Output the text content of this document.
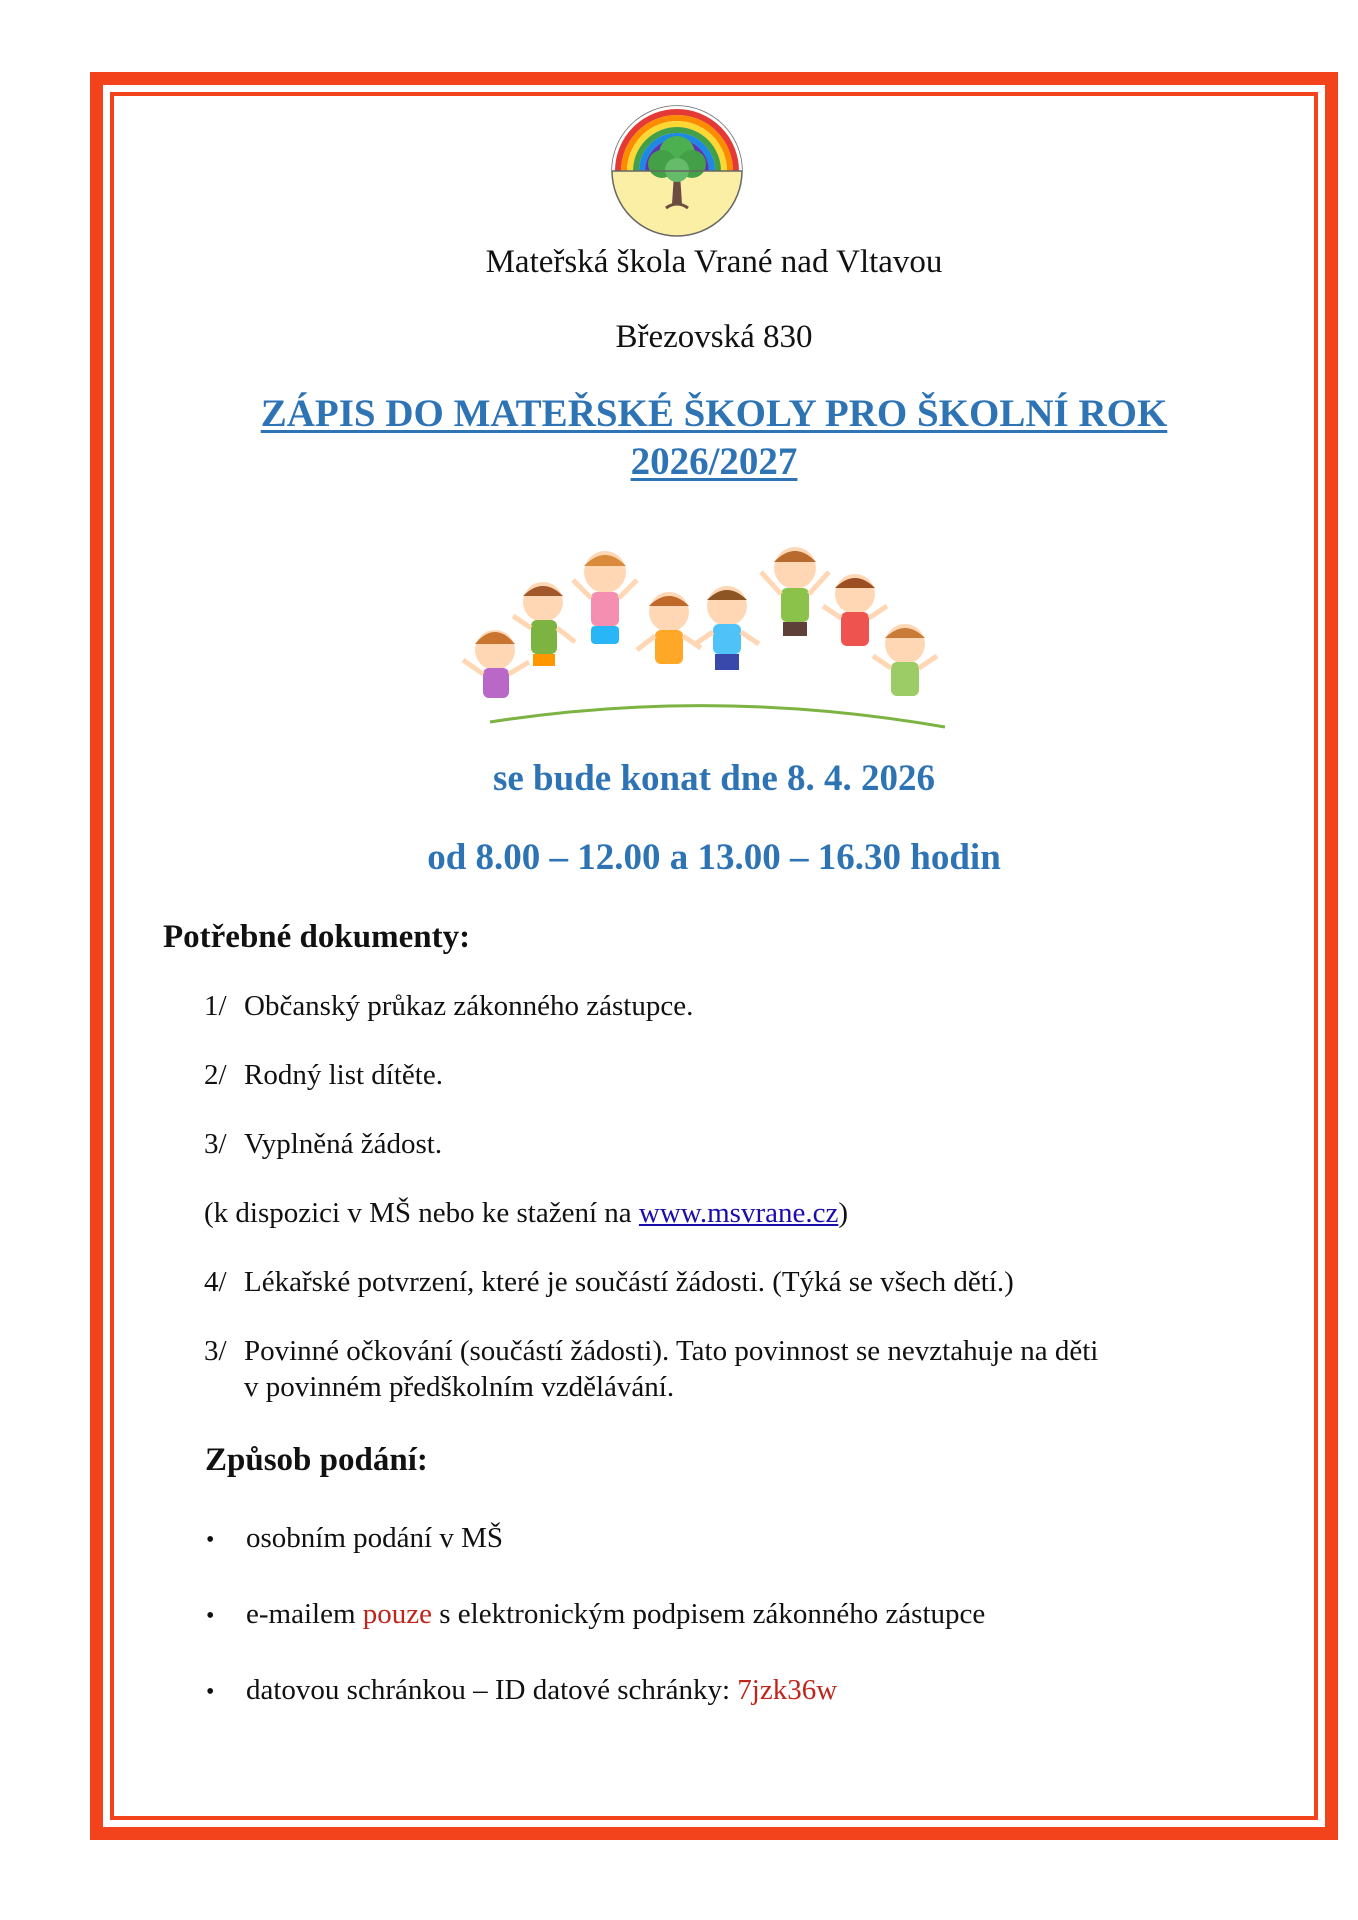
Mateřská škola Vrané nad Vltavou
Březovská 830
ZÁPIS DO MATEŘSKÉ ŠKOLY PRO ŠKOLNÍ ROK
2026/2027
se bude konat dne 8. 4. 2026
od 8.00 – 12.00 a 13.00 – 16.30 hodin
Potřebné dokumenty:
1/ Občanský průkaz zákonného zástupce.
2/ Rodný list dítěte.
3/ Vyplněná žádost.
(k dispozici v MŠ nebo ke stažení na www.msvrane.cz)
4/ Lékařské potvrzení, které je součástí žádosti. (Týká se všech dětí.)
3/ Povinné očkování (součástí žádosti). Tato povinnost se nevztahuje na děti
v povinném předškolním vzdělávání.
Způsob podání:
• osobním podání v MŠ
• e-mailem pouze s elektronickým podpisem zákonného zástupce
• datovou schránkou – ID datové schránky: 7jzk36w
